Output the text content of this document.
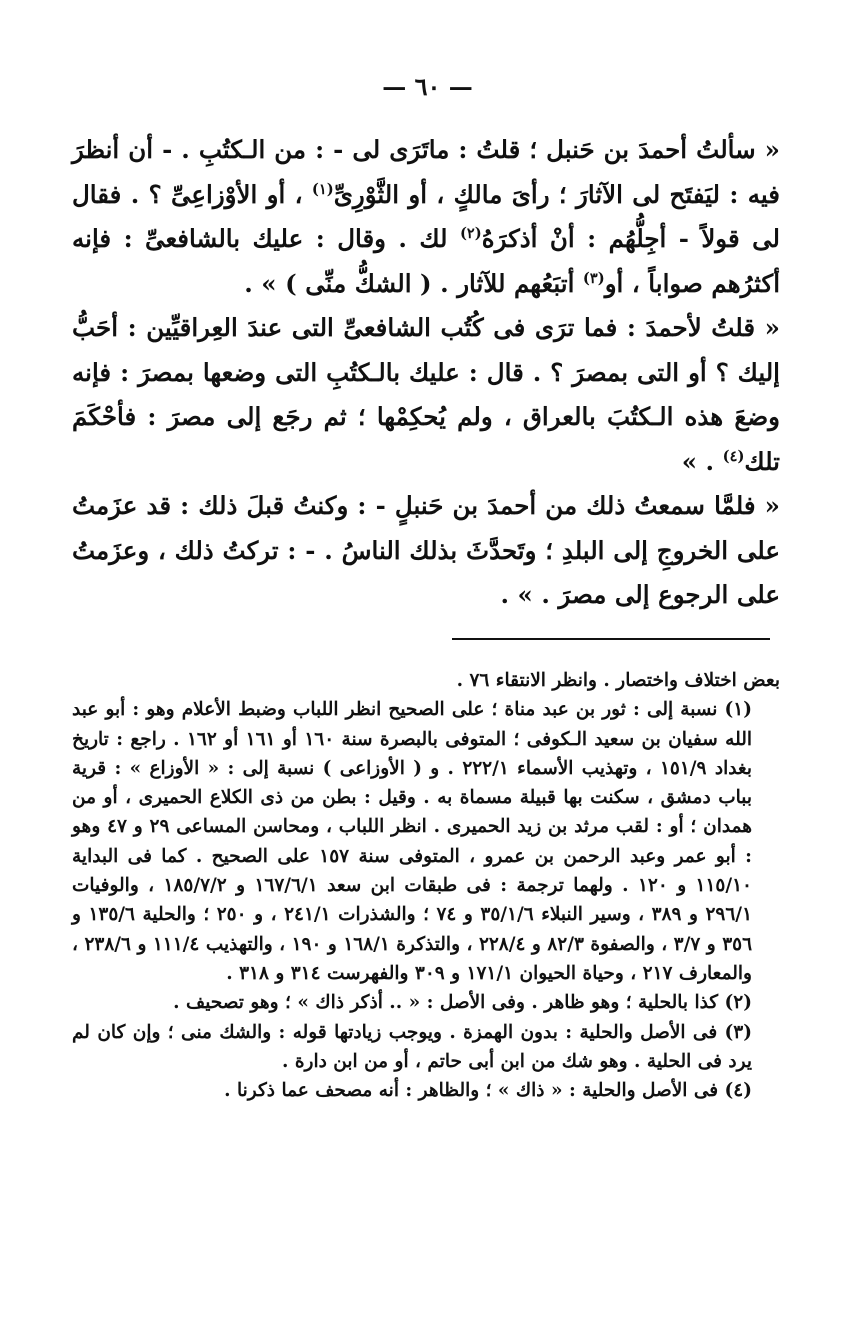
— ٦٠ —

« سألتُ أحمدَ بن حَنبل ؛ قلتُ : ماتَرَى لى - : من الـكتُبِ . - أن أنظرَ فيه : ليَفتَح لى الآثارَ ؛ رأىَ مالكٍ ، أو الثَّوْرِىِّ$^{(١)}$ ، أو الأوْزاعِىِّ ؟ . فقال لى قولاً - أجِلُّهُم : أنْ أذكرَهُ$^{(٢)}$ لك . وقال : عليك بالشافعىِّ : فإنه أكثرُهم صواباً ، أو$^{(٣)}$ أتبَعُهم للآثار . ( الشكُّ منِّى ) » .

« قلتُ لأحمدَ : فما ترَى فى كُتُب الشافعىِّ التى عندَ العِراقيِّين : أحَبُّ إليك ؟ أو التى بمصرَ ؟ . قال : عليك بالـكتُبِ التى وضعها بمصرَ : فإنه وضعَ هذه الـكتُبَ بالعراق ، ولم يُحكِمْها ؛ ثم رجَع إلى مصرَ : فأحْكَمَ تلك$^{(٤)}$ . »

« فلمَّا سمعتُ ذلك من أحمدَ بن حَنبلٍ - : وكنتُ قبلَ ذلك : قد عزَمتُ على الخروجِ إلى البلدِ ؛ وتَحدَّثَ بذلك الناسُ . - : تركتُ ذلك ، وعزَمتُ على الرجوع إلى مصرَ . » .

بعض اختلاف واختصار . وانظر الانتقاء ٧٦ .

(١) نسبة إلى : ثور بن عبد مناة ؛ على الصحيح انظر اللباب وضبط الأعلام وهو : أبو عبد الله سفيان بن سعيد الـكوفى ؛ المتوفى بالبصرة سنة ١٦٠ أو ١٦١ أو ١٦٢ . راجع : تاريخ بغداد ١٥١/٩ ، وتهذيب الأسماء ٢٢٢/١ . و ( الأوزاعى ) نسبة إلى : « الأوزاع » : قرية بباب دمشق ، سكنت بها قبيلة مسماة به . وقيل : بطن من ذى الكلاع الحميرى ، أو من همدان ؛ أو : لقب مرثد بن زيد الحميرى . انظر اللباب ، ومحاسن المساعى ٢٩ و ٤٧ وهو : أبو عمر وعبد الرحمن بن عمرو ، المتوفى سنة ١٥٧ على الصحيح . كما فى البداية ١١٥/١٠ و ١٢٠ . ولهما ترجمة : فى طبقات ابن سعد ١٦٧/٦/١ و ١٨٥/٧/٢ ، والوفيات ٢٩٦/١ و ٣٨٩ ، وسير النبلاء ٣٥/١/٦ و ٧٤ ؛ والشذرات ٢٤١/١ ، و ٢٥٠ ؛ والحلية ١٣٥/٦ و ٣٥٦ و ٣/٧ ، والصفوة ٨٢/٣ و ٢٢٨/٤ ، والتذكرة ١٦٨/١ و ١٩٠ ، والتهذيب ١١١/٤ و ٢٣٨/٦ ، والمعارف ٢١٧ ، وحياة الحيوان ١٧١/١ و ٣٠٩ والفهرست ٣١٤ و ٣١٨ .

(٢) كذا بالحلية ؛ وهو ظاهر . وفى الأصل : « .. أذكر ذاك » ؛ وهو تصحيف .

(٣) فى الأصل والحلية : بدون الهمزة . ويوجب زيادتها قوله : والشك منى ؛ وإن كان لم يرد فى الحلية . وهو شك من ابن أبى حاتم ، أو من ابن دارة .

(٤) فى الأصل والحلية : « ذاك » ؛ والظاهر : أنه مصحف عما ذكرنا .
